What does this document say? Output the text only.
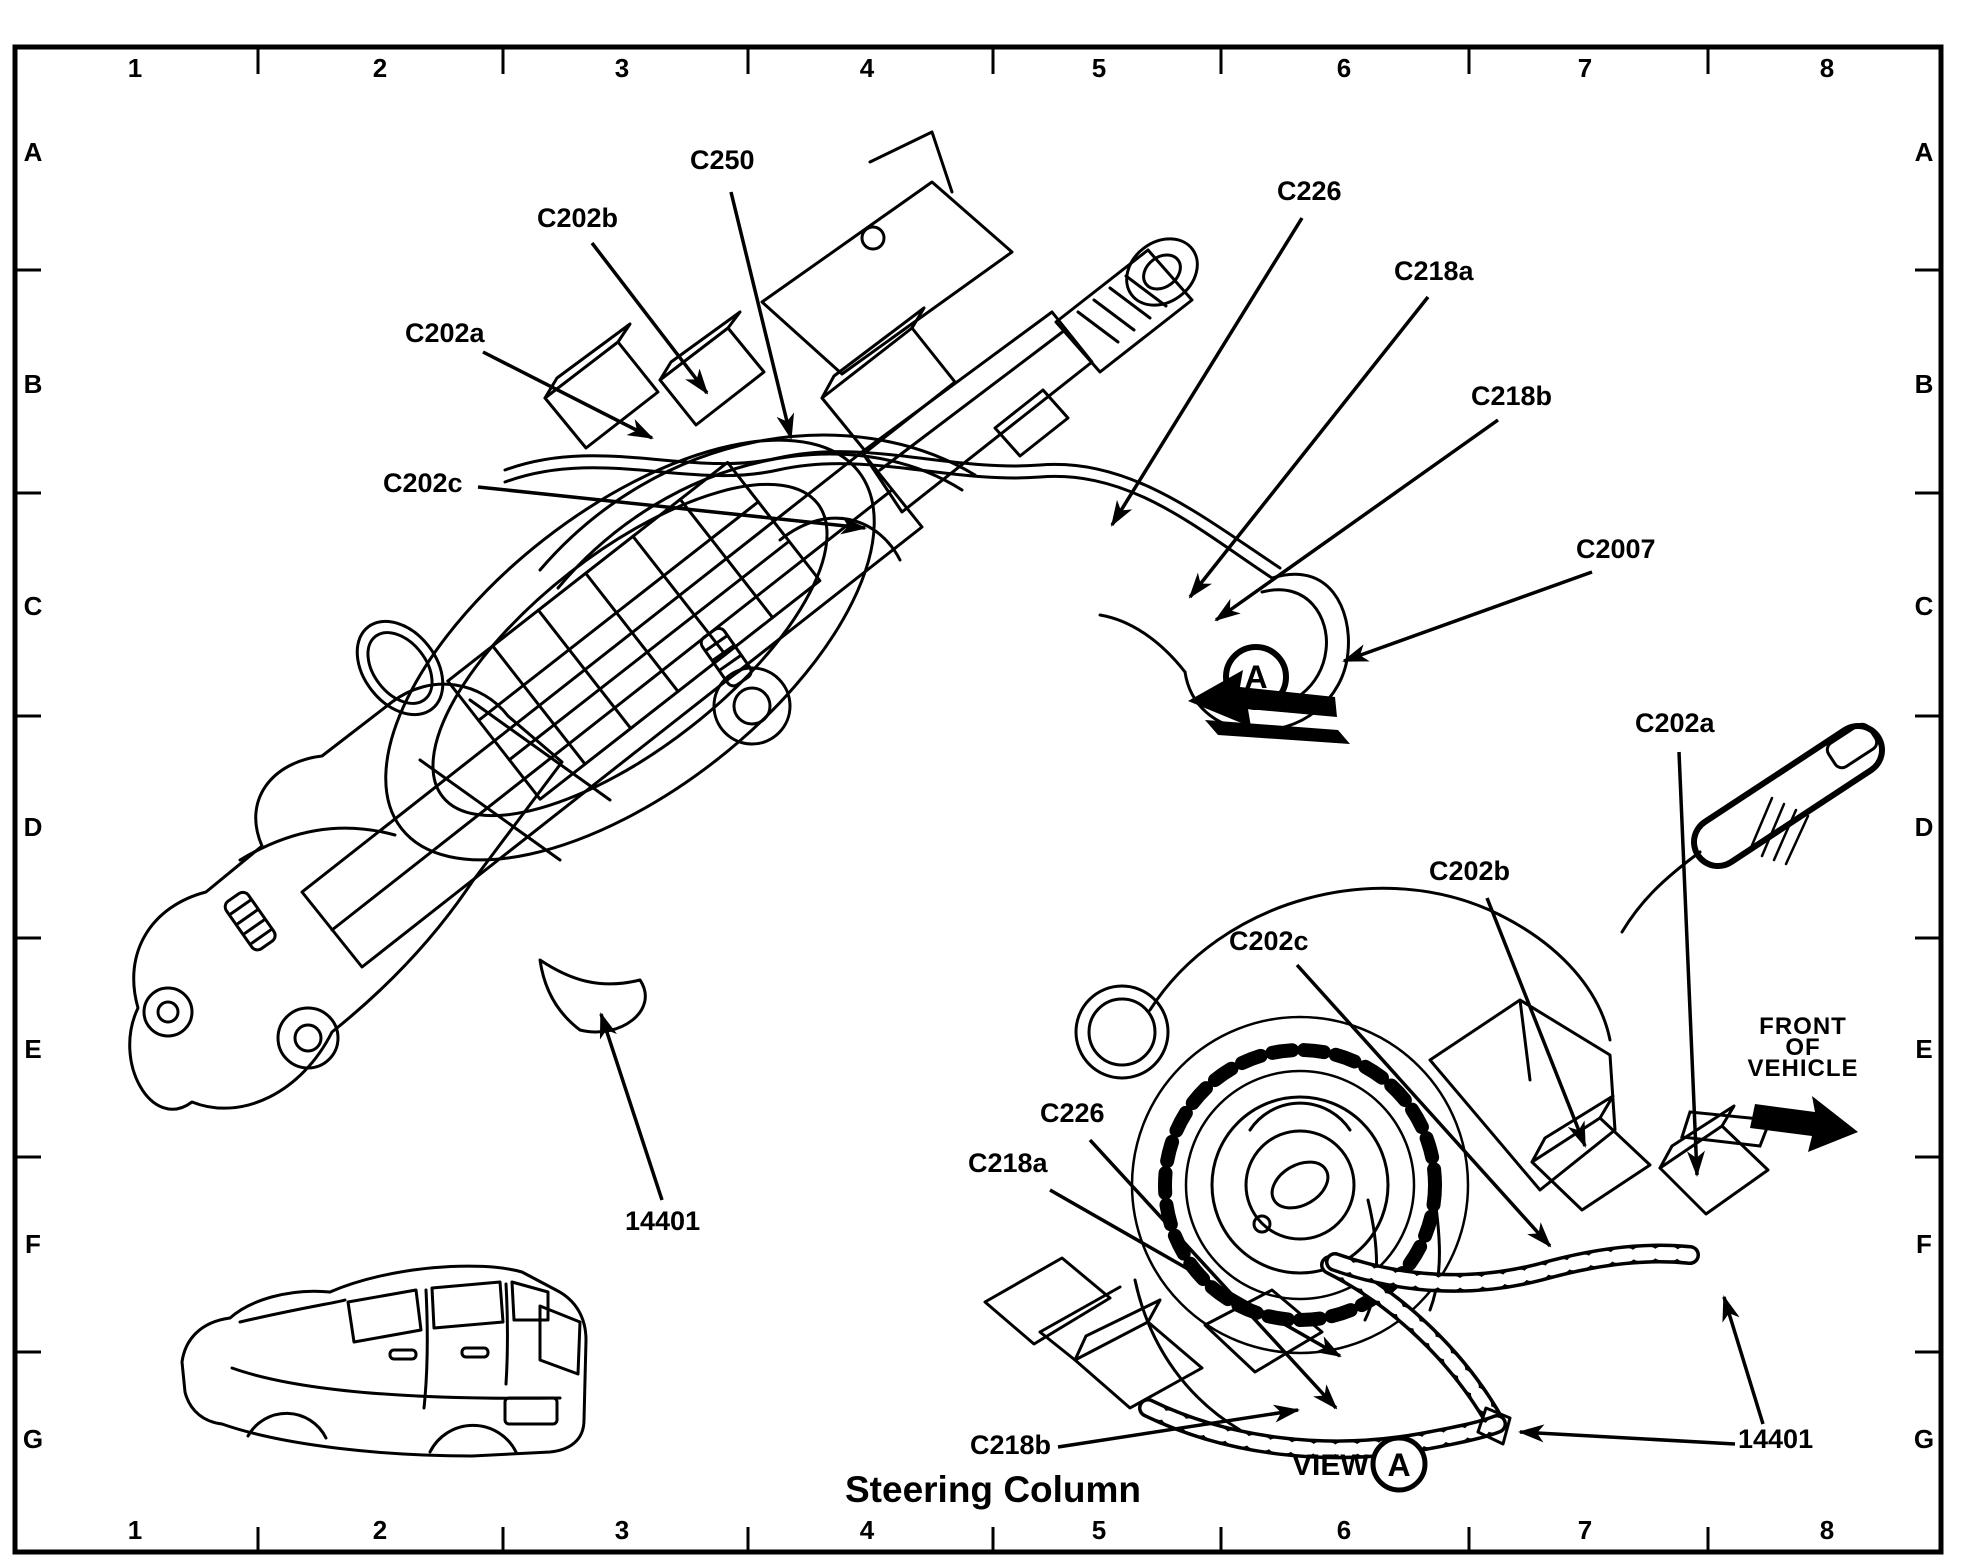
1	2	3	4	5	6	7	8
1	2	3	4	5	6	7	8
A
B
C
D
E
F
G
A
B
C
D
E
F
G
C202a
C202b
C250
C202c
C226
C218a
C218b
C2007
14401
C202a
C202b
C202c
C226
C218a
C218b	14401
A
FRONT
OF
VEHICLE
VIEW A
Steering Column
